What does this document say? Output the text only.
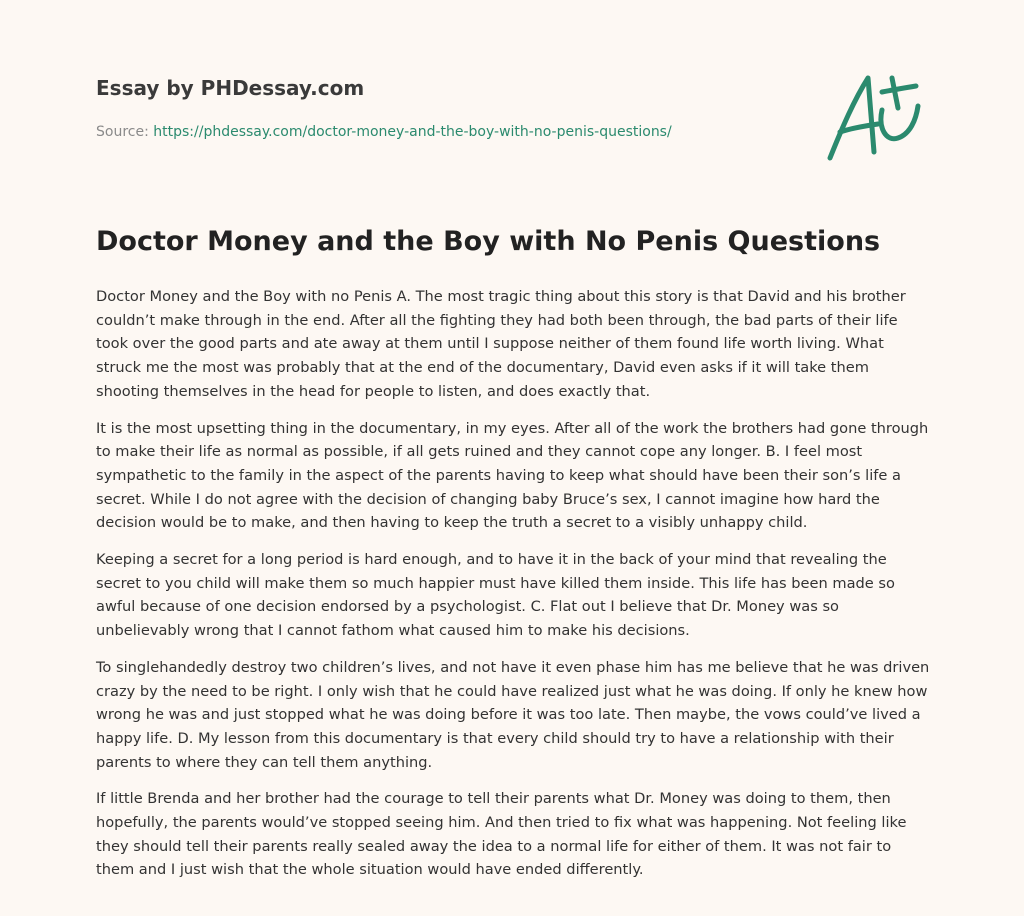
Essay by PHDessay.com
Source: https://phdessay.com/doctor-money-and-the-boy-with-no-penis-questions/
Doctor Money and the Boy with No Penis Questions

Doctor Money and the Boy with no Penis A. The most tragic thing about this story is that David and his brother couldn’t make through in the end. After all the fighting they had both been through, the bad parts of their life took over the good parts and ate away at them until I suppose neither of them found life worth living. What struck me the most was probably that at the end of the documentary, David even asks if it will take them shooting themselves in the head for people to listen, and does exactly that.

It is the most upsetting thing in the documentary, in my eyes. After all of the work the brothers had gone through to make their life as normal as possible, if all gets ruined and they cannot cope any longer. B. I feel most sympathetic to the family in the aspect of the parents having to keep what should have been their son’s life a secret. While I do not agree with the decision of changing baby Bruce’s sex, I cannot imagine how hard the decision would be to make, and then having to keep the truth a secret to a visibly unhappy child.

Keeping a secret for a long period is hard enough, and to have it in the back of your mind that revealing the secret to you child will make them so much happier must have killed them inside. This life has been made so awful because of one decision endorsed by a psychologist. C. Flat out I believe that Dr. Money was so unbelievably wrong that I cannot fathom what caused him to make his decisions.

To singlehandedly destroy two children’s lives, and not have it even phase him has me believe that he was driven crazy by the need to be right. I only wish that he could have realized just what he was doing. If only he knew how wrong he was and just stopped what he was doing before it was too late. Then maybe, the vows could’ve lived a happy life. D. My lesson from this documentary is that every child should try to have a relationship with their parents to where they can tell them anything.

If little Brenda and her brother had the courage to tell their parents what Dr. Money was doing to them, then hopefully, the parents would’ve stopped seeing him. And then tried to fix what was happening. Not feeling like they should tell their parents really sealed away the idea to a normal life for either of them. It was not fair to them and I just wish that the whole situation would have ended differently.
